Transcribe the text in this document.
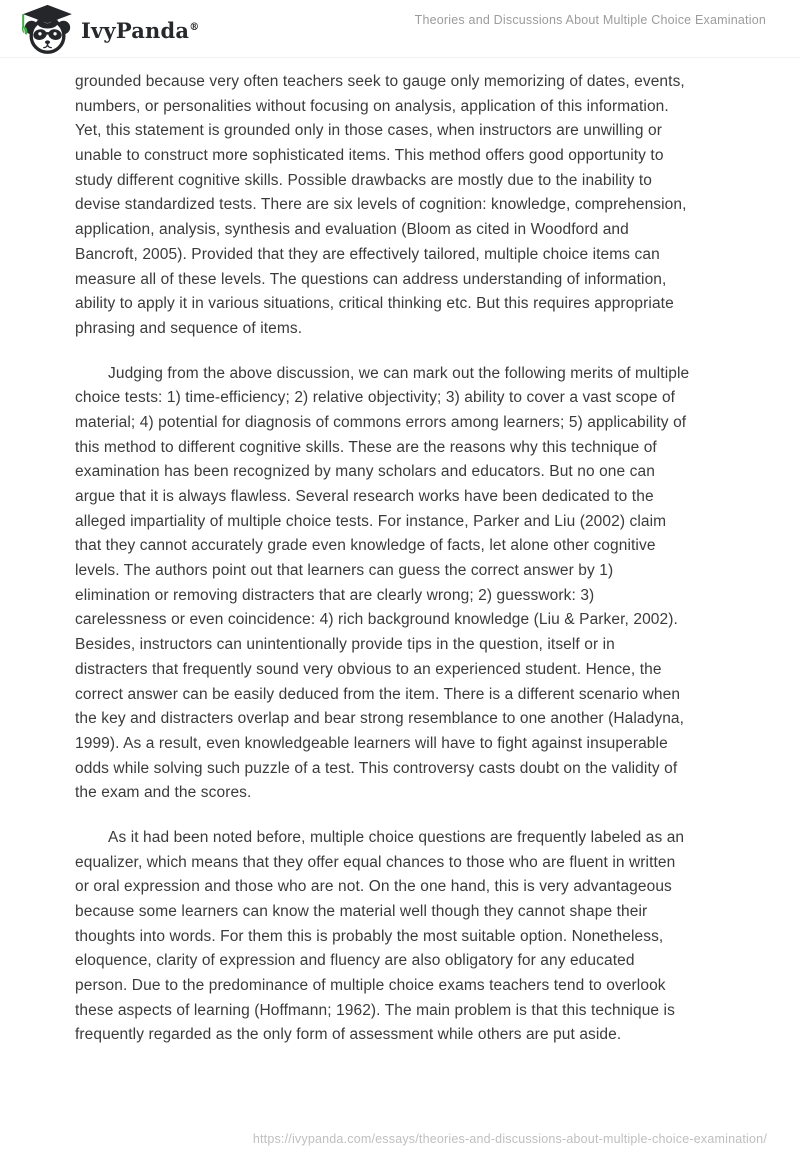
IvyPanda®	Theories and Discussions About Multiple Choice Examination
grounded because very often teachers seek to gauge only memorizing of dates, events,
numbers, or personalities without focusing on analysis, application of this information.
Yet, this statement is grounded only in those cases, when instructors are unwilling or
unable to construct more sophisticated items. This method offers good opportunity to
study different cognitive skills. Possible drawbacks are mostly due to the inability to
devise standardized tests. There are six levels of cognition: knowledge, comprehension,
application, analysis, synthesis and evaluation (Bloom as cited in Woodford and
Bancroft, 2005). Provided that they are effectively tailored, multiple choice items can
measure all of these levels. The questions can address understanding of information,
ability to apply it in various situations, critical thinking etc. But this requires appropriate
phrasing and sequence of items.
Judging from the above discussion, we can mark out the following merits of multiple
choice tests: 1) time-efficiency; 2) relative objectivity; 3) ability to cover a vast scope of
material; 4) potential for diagnosis of commons errors among learners; 5) applicability of
this method to different cognitive skills. These are the reasons why this technique of
examination has been recognized by many scholars and educators. But no one can
argue that it is always flawless. Several research works have been dedicated to the
alleged impartiality of multiple choice tests. For instance, Parker and Liu (2002) claim
that they cannot accurately grade even knowledge of facts, let alone other cognitive
levels. The authors point out that learners can guess the correct answer by 1)
elimination or removing distracters that are clearly wrong; 2) guesswork: 3)
carelessness or even coincidence: 4) rich background knowledge (Liu & Parker, 2002).
Besides, instructors can unintentionally provide tips in the question, itself or in
distracters that frequently sound very obvious to an experienced student. Hence, the
correct answer can be easily deduced from the item. There is a different scenario when
the key and distracters overlap and bear strong resemblance to one another (Haladyna,
1999). As a result, even knowledgeable learners will have to fight against insuperable
odds while solving such puzzle of a test. This controversy casts doubt on the validity of
the exam and the scores.
As it had been noted before, multiple choice questions are frequently labeled as an
equalizer, which means that they offer equal chances to those who are fluent in written
or oral expression and those who are not. On the one hand, this is very advantageous
because some learners can know the material well though they cannot shape their
thoughts into words. For them this is probably the most suitable option. Nonetheless,
eloquence, clarity of expression and fluency are also obligatory for any educated
person. Due to the predominance of multiple choice exams teachers tend to overlook
these aspects of learning (Hoffmann; 1962). The main problem is that this technique is
frequently regarded as the only form of assessment while others are put aside.
https://ivypanda.com/essays/theories-and-discussions-about-multiple-choice-examination/
